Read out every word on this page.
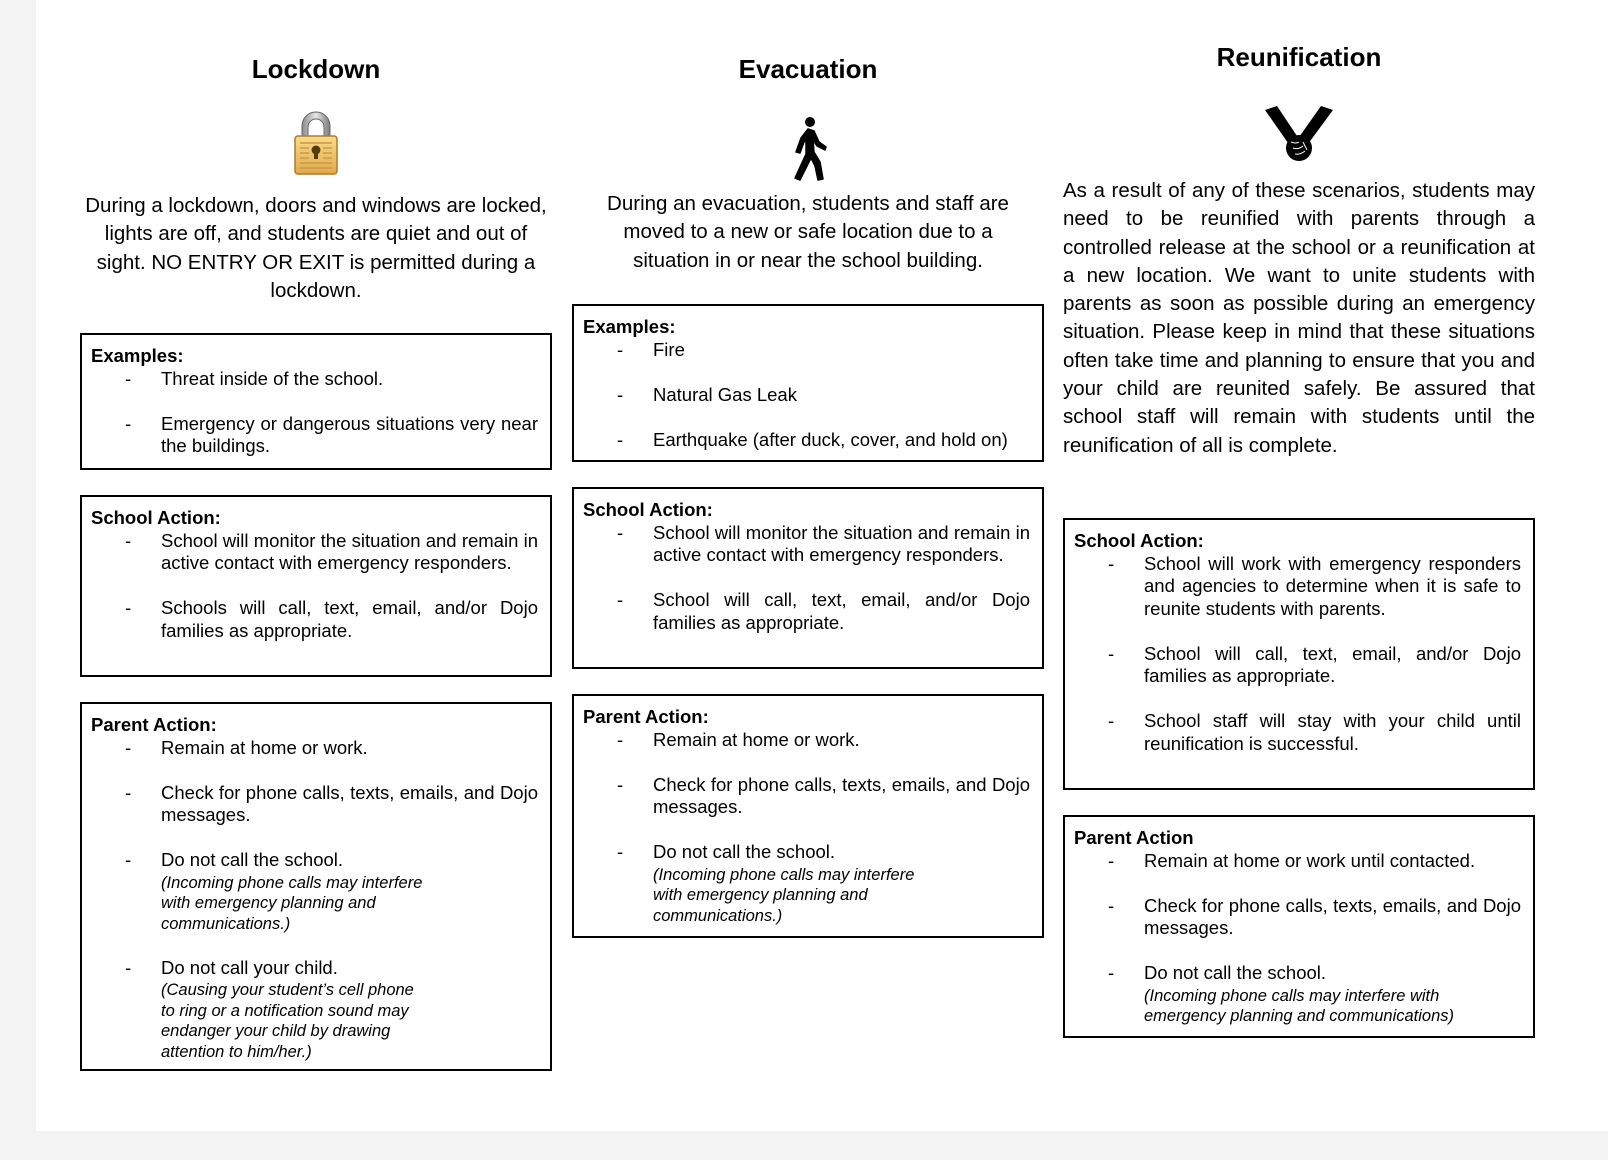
Lockdown
During a lockdown, doors and windows are locked, lights are off, and students are quiet and out of sight. NO ENTRY OR EXIT is permitted during a lockdown.
Examples:
- Threat inside of the school.
- Emergency or dangerous situations very near the buildings.
School Action:
- School will monitor the situation and remain in active contact with emergency responders.
- Schools will call, text, email, and/or Dojo families as appropriate.
Parent Action:
- Remain at home or work.
- Check for phone calls, texts, emails, and Dojo messages.
- Do not call the school.
(Incoming phone calls may interfere with emergency planning and communications.)
- Do not call your child.
(Causing your student’s cell phone to ring or a notification sound may endanger your child by drawing attention to him/her.)
Evacuation
During an evacuation, students and staff are moved to a new or safe location due to a situation in or near the school building.
Examples:
- Fire
- Natural Gas Leak
- Earthquake (after duck, cover, and hold on)
School Action:
- School will monitor the situation and remain in active contact with emergency responders.
- School will call, text, email, and/or Dojo families as appropriate.
Parent Action:
- Remain at home or work.
- Check for phone calls, texts, emails, and Dojo messages.
- Do not call the school.
(Incoming phone calls may interfere with emergency planning and communications.)
Reunification
As a result of any of these scenarios, students may need to be reunified with parents through a controlled release at the school or a reunification at a new location. We want to unite students with parents as soon as possible during an emergency situation. Please keep in mind that these situations often take time and planning to ensure that you and your child are reunited safely. Be assured that school staff will remain with students until the reunification of all is complete.
School Action:
- School will work with emergency responders and agencies to determine when it is safe to reunite students with parents.
- School will call, text, email, and/or Dojo families as appropriate.
- School staff will stay with your child until reunification is successful.
Parent Action
- Remain at home or work until contacted.
- Check for phone calls, texts, emails, and Dojo messages.
- Do not call the school.
(Incoming phone calls may interfere with emergency planning and communications)
